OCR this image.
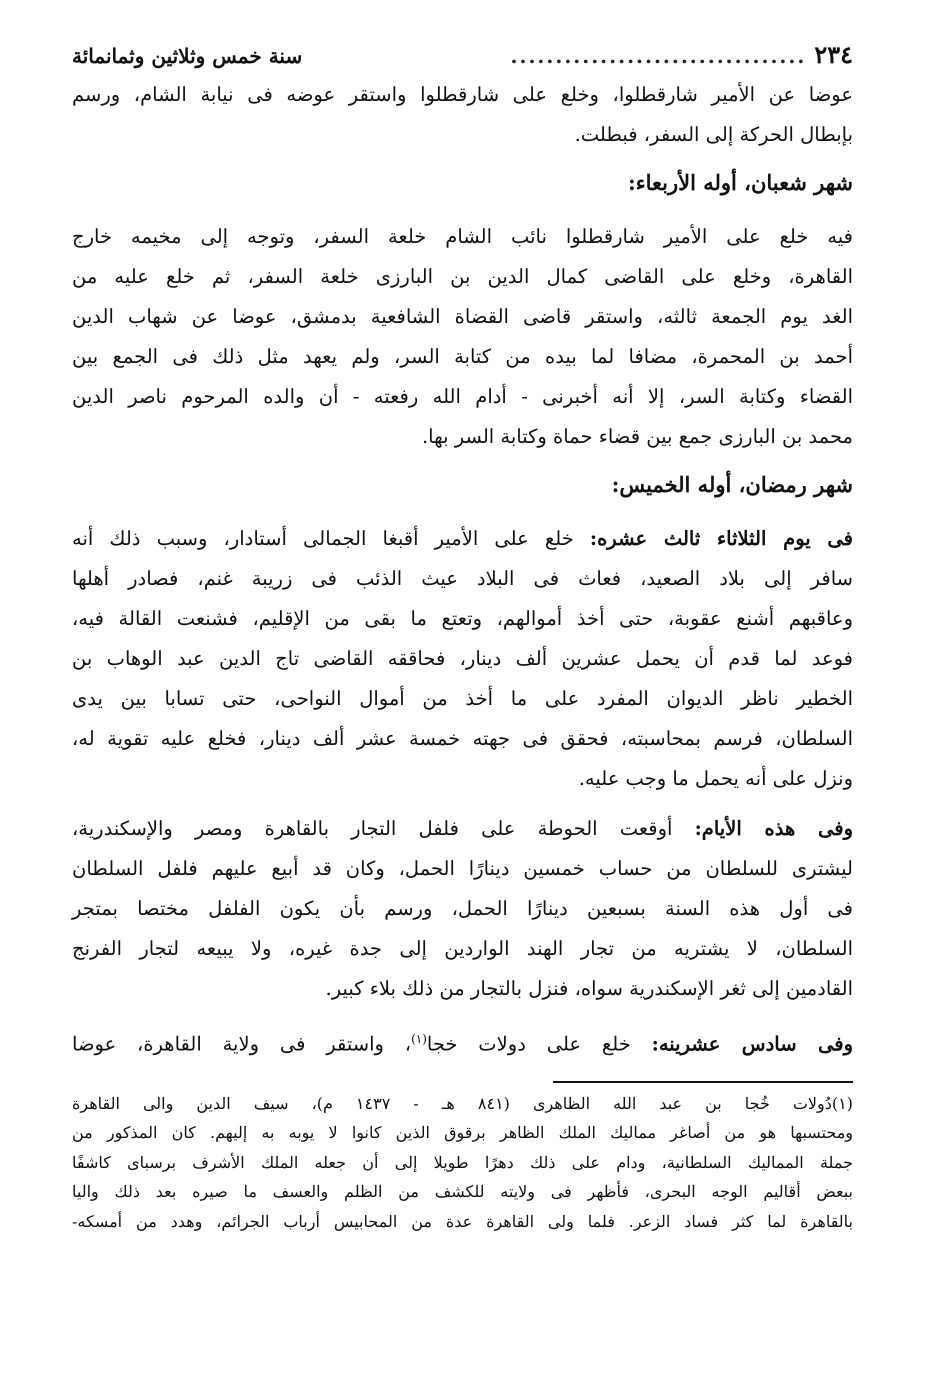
٢٣٤
.................................
سنة خمس وثلاثين وثمانمائة
عوضا عن الأمير شارقطلوا، وخلع على شارقطلوا واستقر عوضه فى نيابة الشام، ورسم
بإبطال الحركة إلى السفر، فبطلت.
شهر شعبان، أوله الأربعاء:
فيه خلع على الأمير شارقطلوا نائب الشام خلعة السفر، وتوجه إلى مخيمه خارج
القاهرة، وخلع على القاضى كمال الدين بن البارزى خلعة السفر، ثم خلع عليه من
الغد يوم الجمعة ثالثه، واستقر قاضى القضاة الشافعية بدمشق، عوضا عن شهاب الدين
أحمد بن المحمرة، مضافا لما بيده من كتابة السر، ولم يعهد مثل ذلك فى الجمع بين
القضاء وكتابة السر، إلا أنه أخبرنى - أدام الله رفعته - أن والده المرحوم ناصر الدين
محمد بن البارزى جمع بين قضاء حماة وكتابة السر بها.
شهر رمضان، أوله الخميس:
فى يوم الثلاثاء ثالث عشره: خلع على الأمير أقبغا الجمالى أستادار، وسبب ذلك أنه
سافر إلى بلاد الصعيد، فعاث فى البلاد عيث الذئب فى زريبة غنم، فصادر أهلها
وعاقبهم أشنع عقوبة، حتى أخذ أموالهم، وتعتع ما بقى من الإقليم، فشنعت القالة فيه،
فوعد لما قدم أن يحمل عشرين ألف دينار، فحاققه القاضى تاج الدين عبد الوهاب بن
الخطير ناظر الديوان المفرد على ما أخذ من أموال النواحى، حتى تسابا بين يدى
السلطان، فرسم بمحاسبته، فحقق فى جهته خمسة عشر ألف دينار، فخلع عليه تقوية له،
ونزل على أنه يحمل ما وجب عليه.
وفى هذه الأيام: أوقعت الحوطة على فلفل التجار بالقاهرة ومصر والإسكندرية،
ليشترى للسلطان من حساب خمسين دينارًا الحمل، وكان قد أبيع عليهم فلفل السلطان
فى أول هذه السنة بسبعين دينارًا الحمل، ورسم بأن يكون الفلفل مختصا بمتجر
السلطان، لا يشتريه من تجار الهند الواردين إلى جدة غيره، ولا يبيعه لتجار الفرنج
القادمين إلى ثغر الإسكندرية سواه، فنزل بالتجار من ذلك بلاء كبير.
وفى سادس عشرينه: خلع على دولات خجا$^{(١)}$، واستقر فى ولاية القاهرة، عوضا
(١)دُولات خُجا بن عبد الله الظاهرى (٨٤١ هـ - ١٤٣٧ م)، سيف الدين والى القاهرة
ومحتسبها هو من أصاغر مماليك الملك الظاهر برقوق الذين كانوا لا يوبه به إليهم. كان المذكور من
جملة المماليك السلطانية، ودام على ذلك دهرًا طويلا إلى أن جعله الملك الأشرف برسباى كاشفًا
ببعض أقاليم الوجه البحرى، فأظهر فى ولايته للكشف من الظلم والعسف ما صيره بعد ذلك واليا
بالقاهرة لما كثر فساد الزعر. فلما ولى القاهرة عدة من المحابيس أرباب الجرائم، وهدد من أمسكه-
